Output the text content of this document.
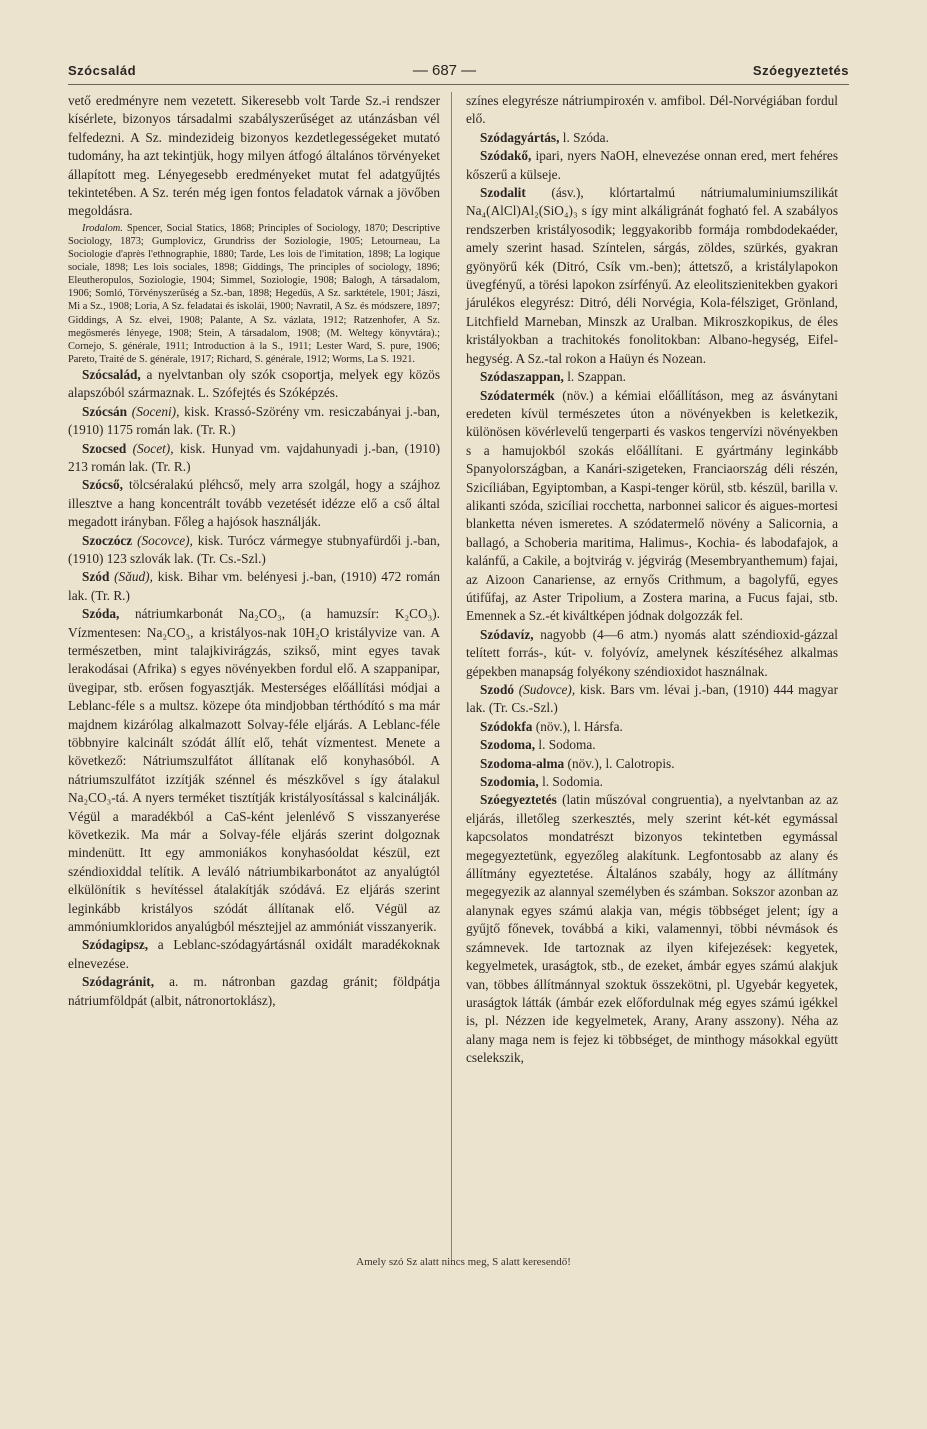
Szócsalád	— 687 —	Szóegyeztetés

vető eredményre nem vezetett. Sikeresebb volt Tarde Sz.-i rendszer kísérlete, bizonyos társadalmi szabályszerűséget az utánzásban vél felfedezni. A Sz. mindezideig bizonyos kezdetlegességeket mutató tudomány, ha azt tekintjük, hogy milyen átfogó általános törvényeket állapított meg. Lényegesebb eredményeket mutat fel adatgyűjtés tekintetében. A Sz. terén még igen fontos feladatok várnak a jövőben megoldásra.

Irodalom. Spencer, Social Statics, 1868; Principles of Sociology, 1870; Descriptive Sociology, 1873; Gumplovicz, Grundriss der Soziologie, 1905; Letourneau, La Sociologie d'après l'ethnographie, 1880; Tarde, Les lois de l'imitation, 1898; La logique sociale, 1898; Les lois sociales, 1898; Giddings, The principles of sociology, 1896; Eleutheropulos, Soziologie, 1904; Simmel, Soziologie, 1908; Balogh, A társadalom, 1906; Somló, Törvényszerűség a Sz.-ban, 1898; Hegedüs, A Sz. sarktétele, 1901; Jászi, Mi a Sz., 1908; Loria, A Sz. feladatai és iskolái, 1900; Navratil, A Sz. és módszere, 1897; Giddings, A Sz. elvei, 1908; Palante, A Sz. vázlata, 1912; Ratzenhofer, A Sz. megösmerés lényege, 1908; Stein, A társadalom, 1908; (M. Weltegy könyvtára).; Cornejo, S. générale, 1911; Introduction à la S., 1911; Lester Ward, S. pure, 1906; Pareto, Traité de S. générale, 1917; Richard, S. générale, 1912; Worms, La S. 1921.

Szócsalád, a nyelvtanban oly szók csoportja, melyek egy közös alapszóból származnak. L. Szófejtés és Szóképzés.

Szócsán (Soceni), kisk. Krassó-Szörény vm. resiczabányai j.-ban, (1910) 1175 román lak. (Tr. R.)

Szocsed (Socet), kisk. Hunyad vm. vajdahunyadi j.-ban, (1910) 213 román lak. (Tr. R.)

Szócső, tölcséralakú pléhcső, mely arra szolgál, hogy a szájhoz illesztve a hang koncentrált tovább vezetését idézze elő a cső által megadott irányban. Főleg a hajósok használják.

Szoczócz (Socovce), kisk. Turócz vármegye stubnyafürdői j.-ban, (1910) 123 szlovák lak. (Tr. Cs.-Szl.)

Szód (Săud), kisk. Bihar vm. belényesi j.-ban, (1910) 472 román lak. (Tr. R.)

Szóda, nátriumkarbonát Na₂CO₃, (a hamuzsír: K₂CO₃). Vízmentesen: Na₂CO₃, a kristályos-nak 10H₂O kristályvize van. A természetben, mint talajkivirágzás, szikső, mint egyes tavak lerakodásai (Afrika) s egyes növényekben fordul elő. A szappanipar, üvegipar, stb. erősen fogyasztják. Mesterséges előállítási módjai a Leblanc-féle s a multsz. közepe óta mindjobban térthódító s ma már majdnem kizárólag alkalmazott Solvay-féle eljárás. A Leblanc-féle többnyire kalcinált szódát állít elő, tehát vízmentest. Menete a következő: Nátriumszulfátot állítanak elő konyhasóból. A nátriumszulfátot izzítják szénnel és mészkővel s így átalakul Na₂CO₃-tá. A nyers terméket tisztítják kristályosítással s kalcinálják. Végül a maradékból a CaS-ként jelenlévő S visszanyerése következik. Ma már a Solvay-féle eljárás szerint dolgoznak mindenütt. Itt egy ammoniákos konyhasóoldat készül, ezt széndioxiddal telítik. A leváló nátriumbikarbonátot az anyalúgtól elkülönítik s hevítéssel átalakítják szódává. Ez eljárás szerint leginkább kristályos szódát állítanak elő. Végül az ammóniumkloridos anyalúgból mésztejjel az ammóniát visszanyerik.

Szódagipsz, a Leblanc-szódagyártásnál oxidált maradékoknak elnevezése.

Szódagránit, a. m. nátronban gazdag gránit; földpátja nátriumföldpát (albit, nátronortoklász),

színes elegyrésze nátriumpiroxén v. amfibol. Dél-Norvégiában fordul elő.

Szódagyártás, l. Szóda.

Szódakő, ipari, nyers NaOH, elnevezése onnan ered, mert fehéres kőszerű a külseje.

Szodalit (ásv.), klórtartalmú nátriumaluminiumszilikát Na₄(AlCl)Al₂(SiO₄)₃ s így mint alkáligránát fogható fel. A szabályos rendszerben kristályosodik; leggyakoribb formája rombdodekaéder, amely szerint hasad. Színtelen, sárgás, zöldes, szürkés, gyakran gyönyörű kék (Ditró, Csík vm.-ben); áttetsző, a kristálylapokon üvegfényű, a törési lapokon zsírfényű. Az eleolitszienitekben gyakori járulékos elegyrész: Ditró, déli Norvégia, Kola-félsziget, Grönland, Litchfield Marneban, Minszk az Uralban. Mikroszkopikus, de éles kristályokban a trachitokés fonolitokban: Albano-hegység, Eifel-hegység. A Sz.-tal rokon a Haüyn és Nozean.

Szódaszappan, l. Szappan.

Szódatermék (növ.) a kémiai előállításon, meg az ásványtani eredeten kívül természetes úton a növényekben is keletkezik, különösen kövérlevelű tengerparti és vaskos tengervízi növényekben s a hamujokból szokás előállítani. E gyártmány leginkább Spanyolországban, a Kanári-szigeteken, Franciaország déli részén, Szicíliában, Egyiptomban, a Kaspi-tenger körül, stb. készül, barilla v. alikanti szóda, szicíliai rocchetta, narbonnei salicor és aigues-mortesi blanketta néven ismeretes. A szódatermelő növény a Salicornia, a ballagó, a Schoberia maritima, Halimus-, Kochia- és labodafajok, a kalánfű, a Cakile, a bojtvirág v. jégvirág (Mesembryanthemum) fajai, az Aizoon Canariense, az ernyős Crithmum, a bagolyfű, egyes útifűfaj, az Aster Tripolium, a Zostera marina, a Fucus fajai, stb. Emennek a Sz.-ét kiváltképen jódnak dolgozzák fel.

Szódavíz, nagyobb (4—6 atm.) nyomás alatt széndioxid-gázzal telített forrás-, kút- v. folyóvíz, amelynek készítéséhez alkalmas gépekben manapság folyékony széndioxidot használnak.

Szodó (Sudovce), kisk. Bars vm. lévai j.-ban, (1910) 444 magyar lak. (Tr. Cs.-Szl.)

Szódokfa (növ.), l. Hársfa.

Szodoma, l. Sodoma.

Szodoma-alma (növ.), l. Calotropis.

Szodomia, l. Sodomia.

Szóegyeztetés (latin műszóval congruentia), a nyelvtanban az az eljárás, illetőleg szerkesztés, mely szerint két-két egymással kapcsolatos mondatrészt bizonyos tekintetben egymással megegyeztetünk, egyezőleg alakítunk. Legfontosabb az alany és állítmány egyeztetése. Általános szabály, hogy az állítmány megegyezik az alannyal személyben és számban. Sokszor azonban az alanynak egyes számú alakja van, mégis többséget jelent; így a gyűjtő főnevek, továbbá a kiki, valamennyi, többi névmások és számnevek. Ide tartoznak az ilyen kifejezések: kegyetek, kegyelmetek, uraságtok, stb., de ezeket, ámbár egyes számú alakjuk van, többes állítmánnyal szoktuk összekötni, pl. Ugyebár kegyetek, uraságtok látták (ámbár ezek előfordulnak még egyes számú igékkel is, pl. Nézzen ide kegyelmetek, Arany, Arany asszony). Néha az alany maga nem is fejez ki többséget, de minthogy másokkal együtt cselekszik,

Amely szó Sz alatt nincs meg, S alatt keresendő!
